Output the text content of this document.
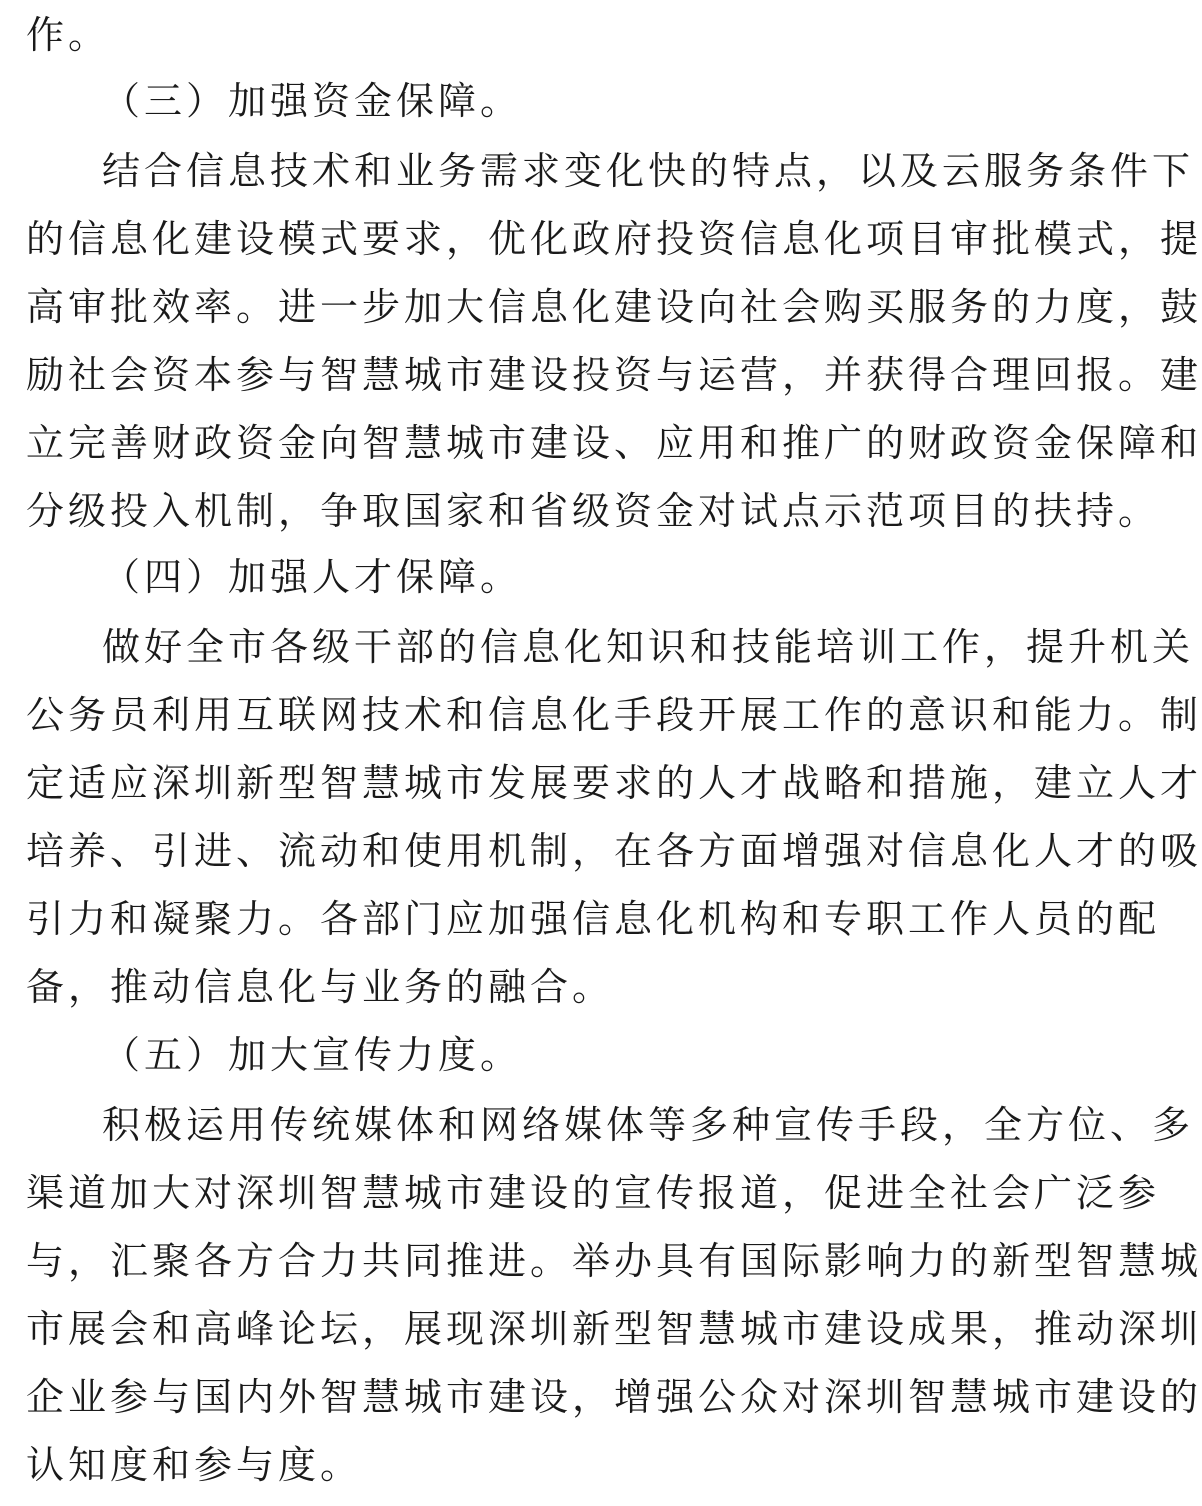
作。
（三）加强资金保障。
结合信息技术和业务需求变化快的特点，以及云服务条件下
的信息化建设模式要求，优化政府投资信息化项目审批模式，提
高审批效率。进一步加大信息化建设向社会购买服务的力度，鼓
励社会资本参与智慧城市建设投资与运营，并获得合理回报。建
立完善财政资金向智慧城市建设、应用和推广的财政资金保障和
分级投入机制，争取国家和省级资金对试点示范项目的扶持。
（四）加强人才保障。
做好全市各级干部的信息化知识和技能培训工作，提升机关
公务员利用互联网技术和信息化手段开展工作的意识和能力。制
定适应深圳新型智慧城市发展要求的人才战略和措施，建立人才
培养、引进、流动和使用机制，在各方面增强对信息化人才的吸
引力和凝聚力。各部门应加强信息化机构和专职工作人员的配
备，推动信息化与业务的融合。
（五）加大宣传力度。
积极运用传统媒体和网络媒体等多种宣传手段，全方位、多
渠道加大对深圳智慧城市建设的宣传报道，促进全社会广泛参
与，汇聚各方合力共同推进。举办具有国际影响力的新型智慧城
市展会和高峰论坛，展现深圳新型智慧城市建设成果，推动深圳
企业参与国内外智慧城市建设，增强公众对深圳智慧城市建设的
认知度和参与度。
